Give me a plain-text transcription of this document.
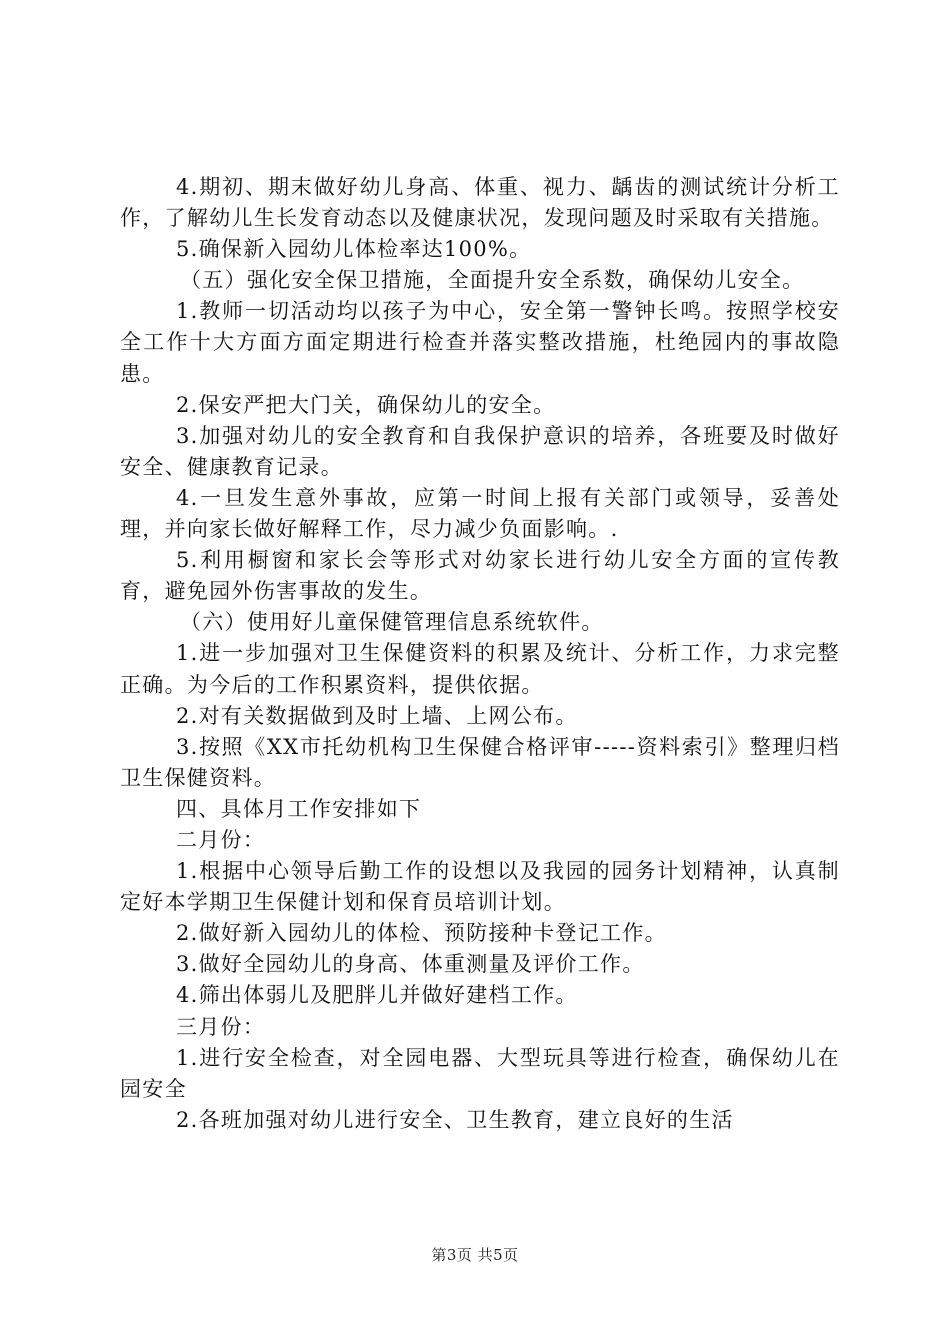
4.期初、期末做好幼儿身高、体重、视力、龋齿的测试统计分析工作，了解幼儿生长发育动态以及健康状况，发现问题及时采取有关措施。

5.确保新入园幼儿体检率达100%。

（五）强化安全保卫措施，全面提升安全系数，确保幼儿安全。

1.教师一切活动均以孩子为中心，安全第一警钟长鸣。按照学校安全工作十大方面方面定期进行检查并落实整改措施，杜绝园内的事故隐患。

2.保安严把大门关，确保幼儿的安全。

3.加强对幼儿的安全教育和自我保护意识的培养，各班要及时做好安全、健康教育记录。

4.一旦发生意外事故，应第一时间上报有关部门或领导，妥善处理，并向家长做好解释工作，尽力减少负面影响。.

5.利用橱窗和家长会等形式对幼家长进行幼儿安全方面的宣传教育，避免园外伤害事故的发生。

（六）使用好儿童保健管理信息系统软件。

1.进一步加强对卫生保健资料的积累及统计、分析工作，力求完整正确。为今后的工作积累资料，提供依据。

2.对有关数据做到及时上墙、上网公布。

3.按照《XX市托幼机构卫生保健合格评审-----资料索引》整理归档卫生保健资料。

四、具体月工作安排如下

二月份：

1.根据中心领导后勤工作的设想以及我园的园务计划精神，认真制定好本学期卫生保健计划和保育员培训计划。

2.做好新入园幼儿的体检、预防接种卡登记工作。

3.做好全园幼儿的身高、体重测量及评价工作。

4.筛出体弱儿及肥胖儿并做好建档工作。

三月份：

1.进行安全检查，对全园电器、大型玩具等进行检查，确保幼儿在园安全

2.各班加强对幼儿进行安全、卫生教育，建立良好的生活

第3页 共5页
